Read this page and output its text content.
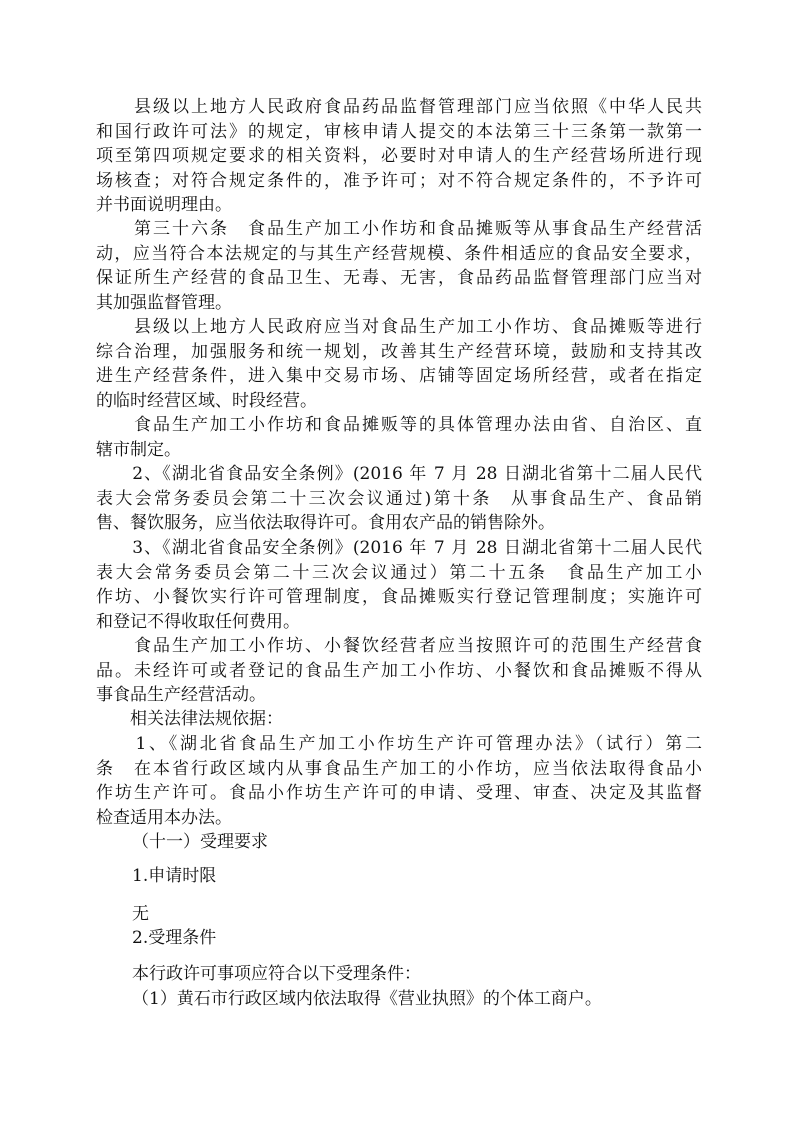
　　县级以上地方人民政府食品药品监督管理部门应当依照《中华人民共
和国行政许可法》的规定，审核申请人提交的本法第三十三条第一款第一
项至第四项规定要求的相关资料，必要时对申请人的生产经营场所进行现
场核查；对符合规定条件的，准予许可；对不符合规定条件的，不予许可
并书面说明理由。
　　第三十六条　食品生产加工小作坊和食品摊贩等从事食品生产经营活
动，应当符合本法规定的与其生产经营规模、条件相适应的食品安全要求，
保证所生产经营的食品卫生、无毒、无害，食品药品监督管理部门应当对
其加强监督管理。
　　县级以上地方人民政府应当对食品生产加工小作坊、食品摊贩等进行
综合治理，加强服务和统一规划，改善其生产经营环境，鼓励和支持其改
进生产经营条件，进入集中交易市场、店铺等固定场所经营，或者在指定
的临时经营区域、时段经营。
　　食品生产加工小作坊和食品摊贩等的具体管理办法由省、自治区、直
辖市制定。
　　2、《湖北省食品安全条例》(2016 年 7 月 28 日湖北省第十二届人民代
表大会常务委员会第二十三次会议通过)第十条　从事食品生产、食品销
售、餐饮服务，应当依法取得许可。食用农产品的销售除外。
　　3、《湖北省食品安全条例》(2016 年 7 月 28 日湖北省第十二届人民代
表大会常务委员会第二十三次会议通过）第二十五条　食品生产加工小
作坊、小餐饮实行许可管理制度，食品摊贩实行登记管理制度；实施许可
和登记不得收取任何费用。
　　食品生产加工小作坊、小餐饮经营者应当按照许可的范围生产经营食
品。未经许可或者登记的食品生产加工小作坊、小餐饮和食品摊贩不得从
事食品生产经营活动。
　　相关法律法规依据：
　　1、《湖北省食品生产加工小作坊生产许可管理办法》（试行）第二
条　在本省行政区域内从事食品生产加工的小作坊，应当依法取得食品小
作坊生产许可。食品小作坊生产许可的申请、受理、审查、决定及其监督
检查适用本办法。
（十一）受理要求
1.申请时限
无
2.受理条件
本行政许可事项应符合以下受理条件：
（1）黄石市行政区域内依法取得《营业执照》的个体工商户。
